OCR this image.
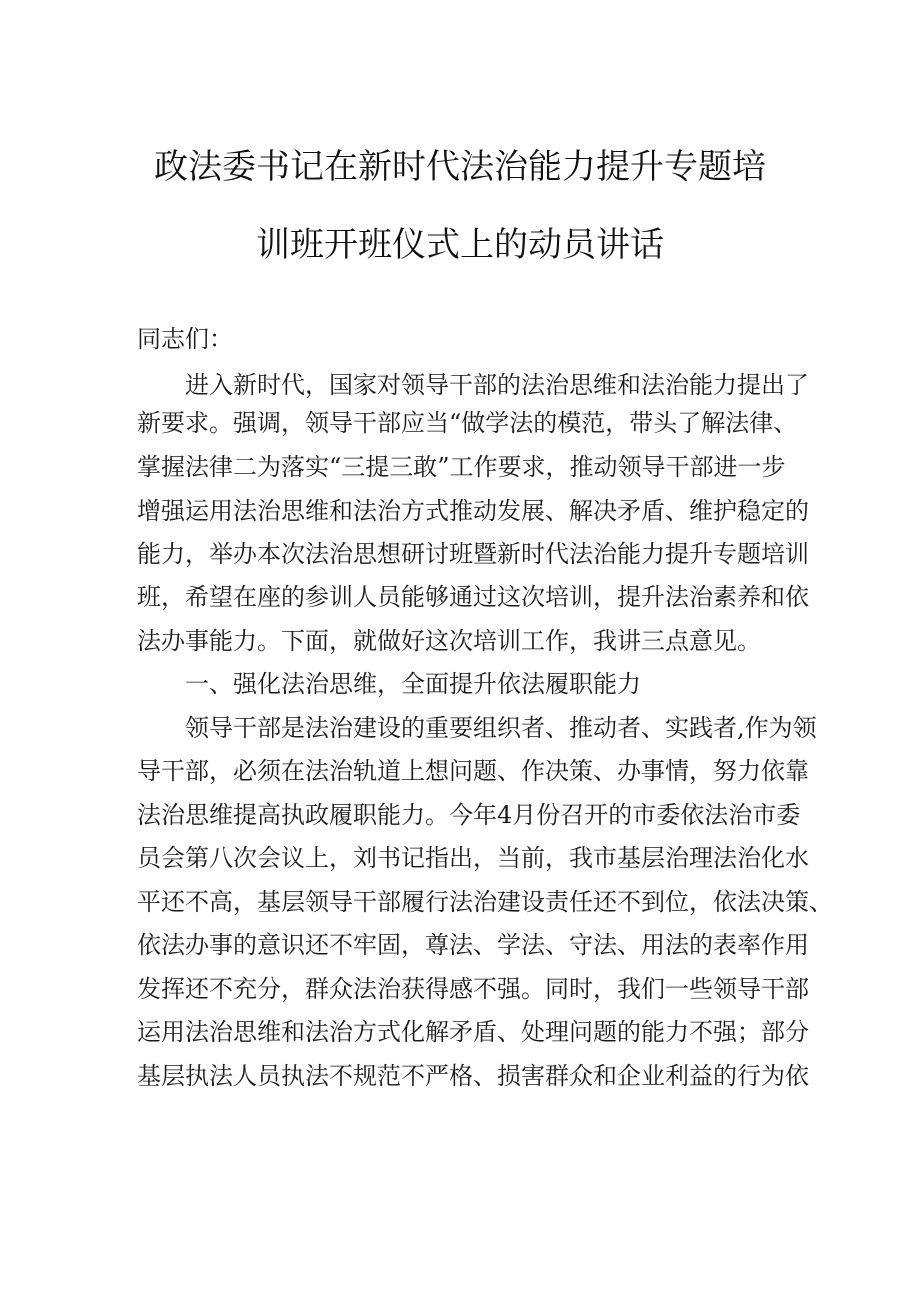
政法委书记在新时代法治能力提升专题培
训班开班仪式上的动员讲话
同志们：
进入新时代，国家对领导干部的法治思维和法治能力提出了
新要求。强调，领导干部应当“做学法的模范，带头了解法律、
掌握法律二为落实“三提三敢”工作要求，推动领导干部进一步
增强运用法治思维和法治方式推动发展、解决矛盾、维护稳定的
能力，举办本次法治思想研讨班暨新时代法治能力提升专题培训
班，希望在座的参训人员能够通过这次培训，提升法治素养和依
法办事能力。下面，就做好这次培训工作，我讲三点意见。
一、强化法治思维，全面提升依法履职能力
领导干部是法治建设的重要组织者、推动者、实践者,作为领
导干部，必须在法治轨道上想问题、作决策、办事情，努力依靠
法治思维提高执政履职能力。今年4月份召开的市委依法治市委
员会第八次会议上，刘书记指出，当前，我市基层治理法治化水
平还不高，基层领导干部履行法治建设责任还不到位，依法决策、
依法办事的意识还不牢固，尊法、学法、守法、用法的表率作用
发挥还不充分，群众法治获得感不强。同时，我们一些领导干部
运用法治思维和法治方式化解矛盾、处理问题的能力不强；部分
基层执法人员执法不规范不严格、损害群众和企业利益的行为依
